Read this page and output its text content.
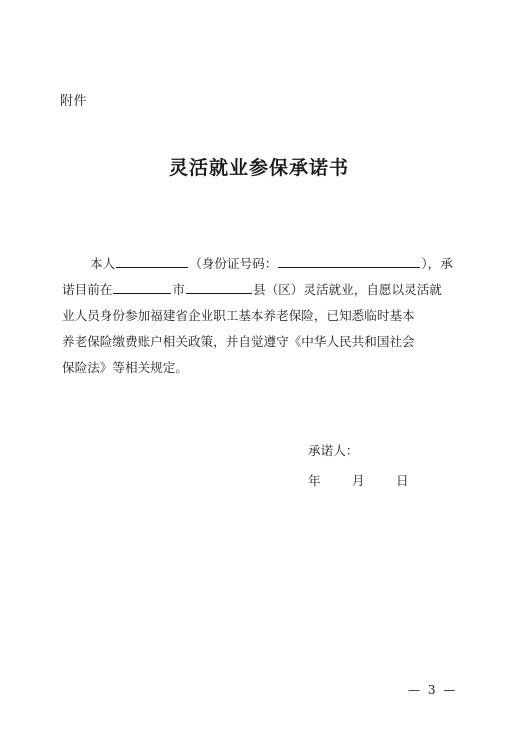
附件
灵活就业参保承诺书
本人	（身份证号码：	），承
诺目前在	市	县（区）灵活就业，自愿以灵活就
业人员身份参加福建省企业职工基本养老保险，已知悉临时基本
养老保险缴费账户相关政策，并自觉遵守《中华人民共和国社会
保险法》等相关规定。
承诺人：
年 月 日
— 3 —
